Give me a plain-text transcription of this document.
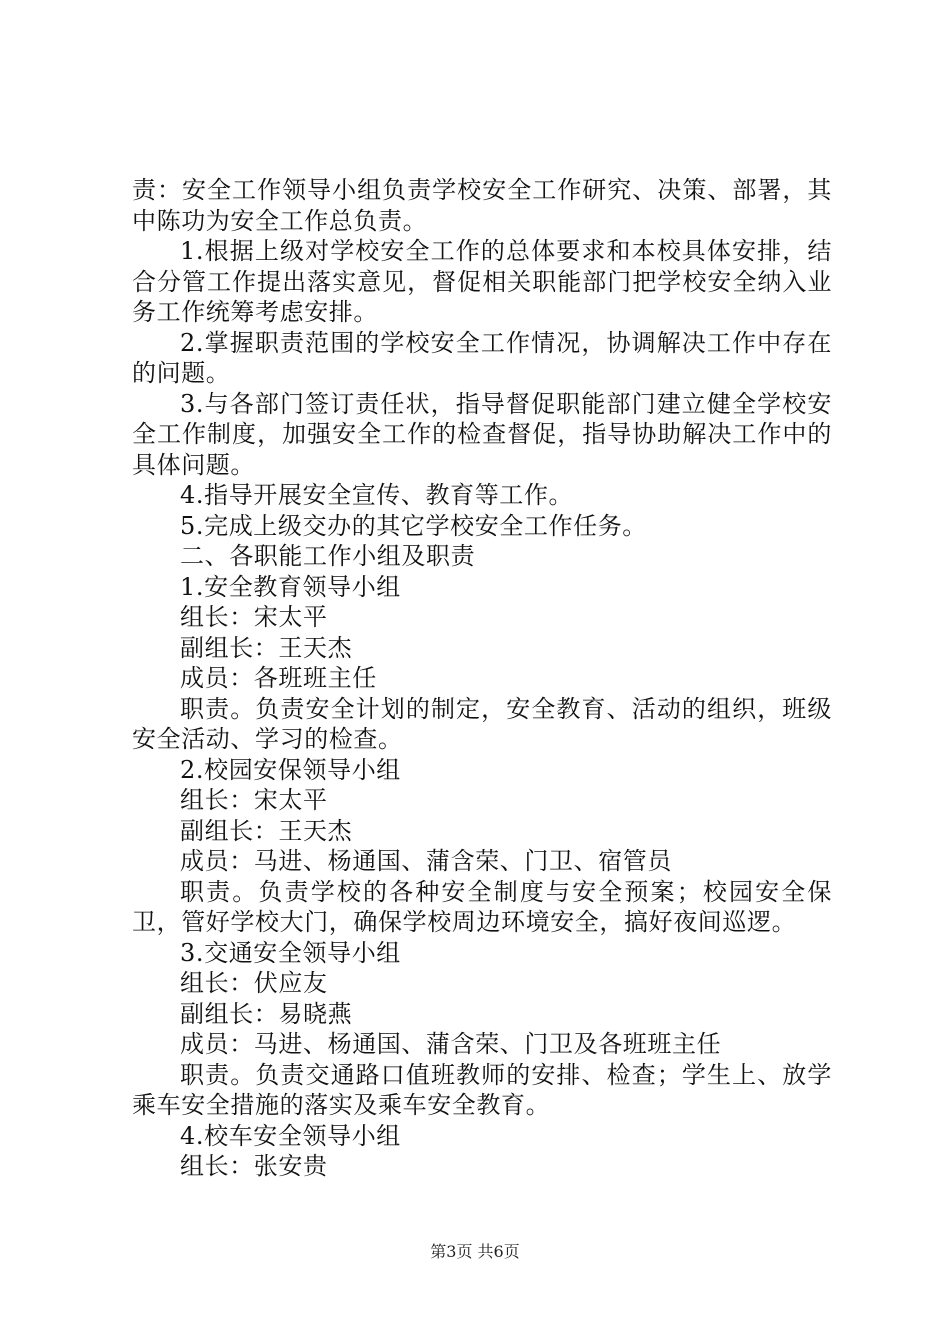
责：安全工作领导小组负责学校安全工作研究、决策、部署，其中陈功为安全工作总负责。

1.根据上级对学校安全工作的总体要求和本校具体安排，结合分管工作提出落实意见，督促相关职能部门把学校安全纳入业务工作统筹考虑安排。

2.掌握职责范围的学校安全工作情况，协调解决工作中存在的问题。

3.与各部门签订责任状，指导督促职能部门建立健全学校安全工作制度，加强安全工作的检查督促，指导协助解决工作中的具体问题。

4.指导开展安全宣传、教育等工作。

5.完成上级交办的其它学校安全工作任务。

二、各职能工作小组及职责

1.安全教育领导小组

组长：宋太平

副组长：王天杰

成员：各班班主任

职责。负责安全计划的制定，安全教育、活动的组织，班级安全活动、学习的检查。

2.校园安保领导小组

组长：宋太平

副组长：王天杰

成员：马进、杨通国、蒲含荣、门卫、宿管员

职责。负责学校的各种安全制度与安全预案；校园安全保卫，管好学校大门，确保学校周边环境安全，搞好夜间巡逻。

3.交通安全领导小组

组长：伏应友

副组长：易晓燕

成员：马进、杨通国、蒲含荣、门卫及各班班主任

职责。负责交通路口值班教师的安排、检查；学生上、放学乘车安全措施的落实及乘车安全教育。

4.校车安全领导小组

组长：张安贵

第3页 共6页
